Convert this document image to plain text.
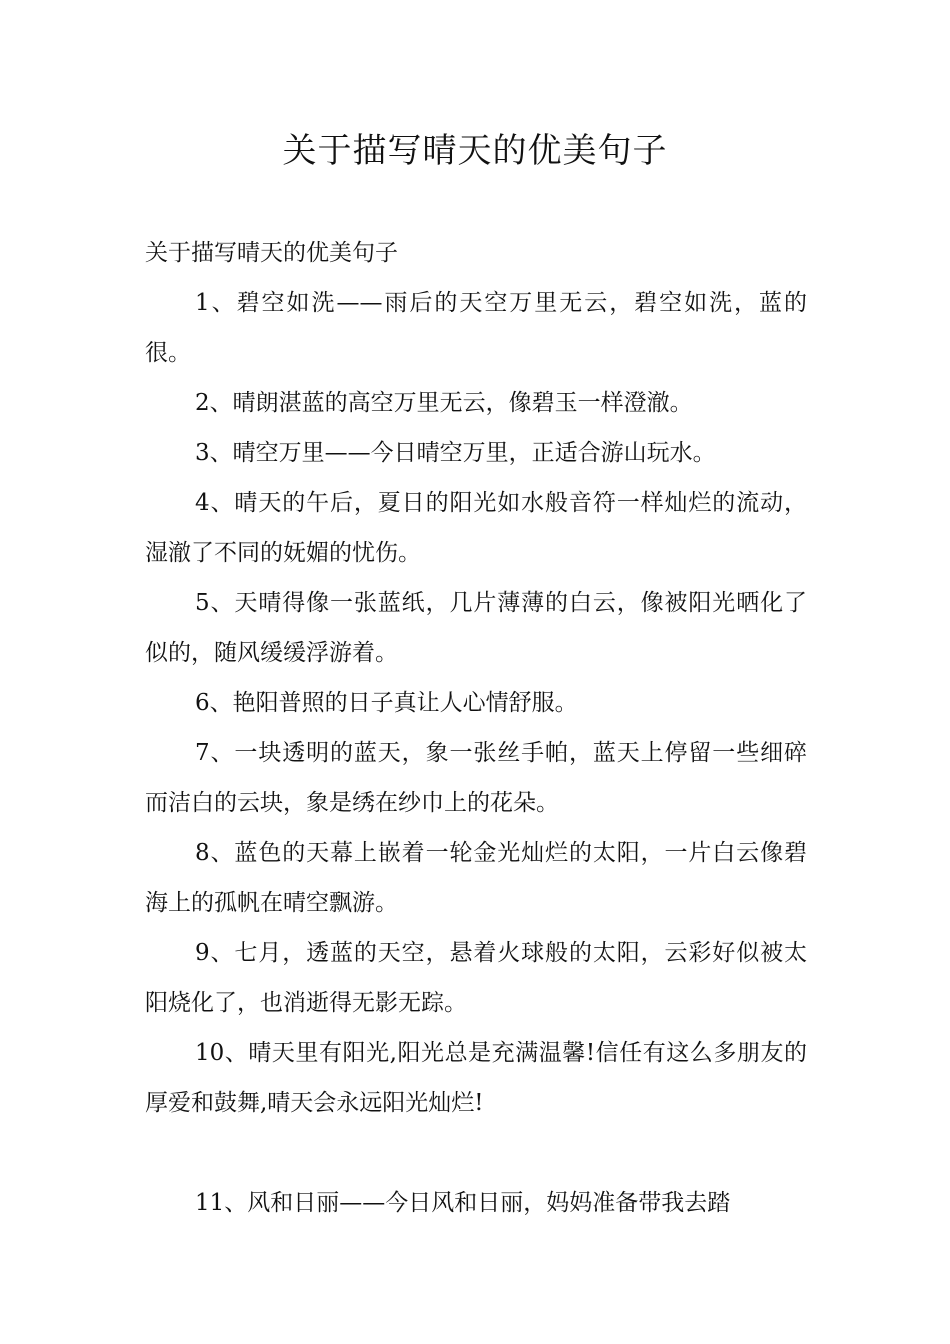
关于描写晴天的优美句子

关于描写晴天的优美句子

1、碧空如洗——雨后的天空万里无云，碧空如洗，蓝的很。

2、晴朗湛蓝的高空万里无云，像碧玉一样澄澈。

3、晴空万里——今日晴空万里，正适合游山玩水。

4、晴天的午后，夏日的阳光如水般音符一样灿烂的流动，湿澈了不同的妩媚的忧伤。

5、天晴得像一张蓝纸，几片薄薄的白云，像被阳光晒化了似的，随风缓缓浮游着。

6、艳阳普照的日子真让人心情舒服。

7、一块透明的蓝天，象一张丝手帕，蓝天上停留一些细碎而洁白的云块，象是绣在纱巾上的花朵。

8、蓝色的天幕上嵌着一轮金光灿烂的太阳，一片白云像碧海上的孤帆在晴空飘游。

9、七月，透蓝的天空，悬着火球般的太阳，云彩好似被太阳烧化了，也消逝得无影无踪。

10、晴天里有阳光,阳光总是充满温馨!信任有这么多朋友的厚爱和鼓舞,晴天会永远阳光灿烂!

11、风和日丽——今日风和日丽，妈妈准备带我去踏
